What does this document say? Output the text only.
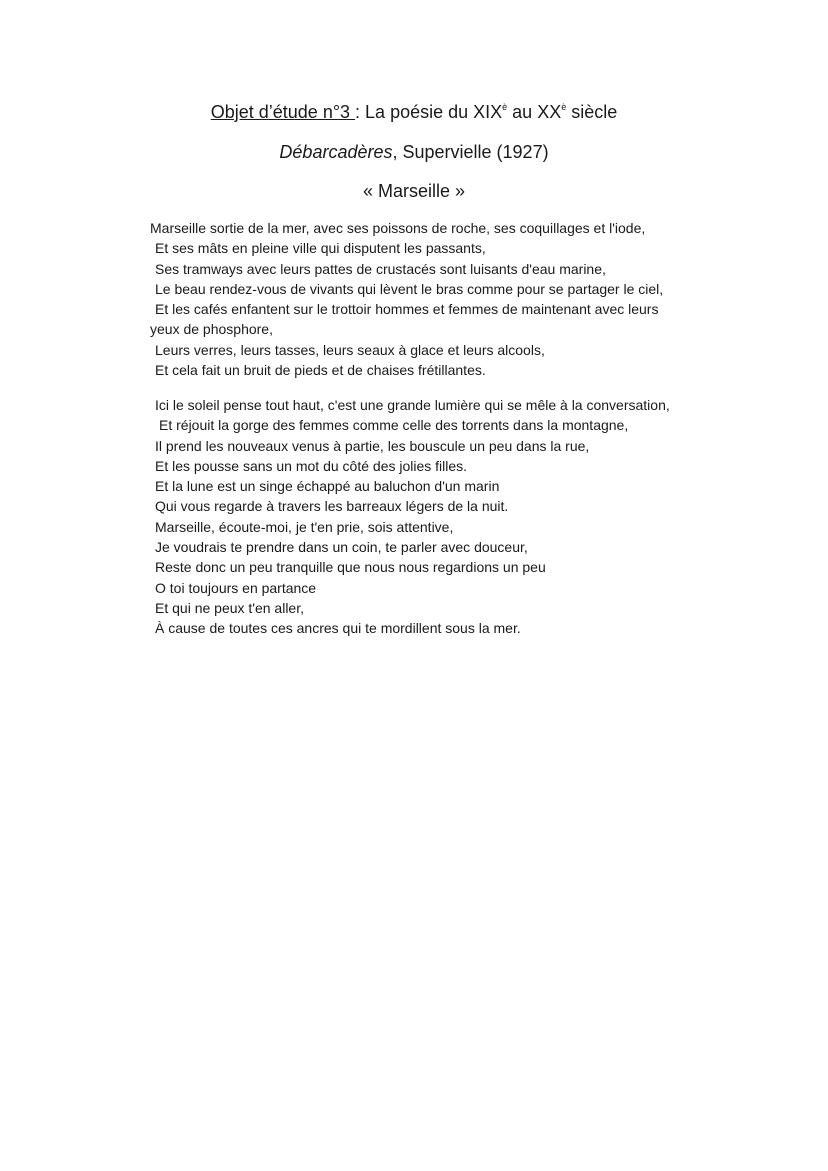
Objet d’étude n°3 : La poésie du $XIX^è$ au $XX^è$ siècle
Débarcadères, Supervielle (1927)
« Marseille »
Marseille sortie de la mer, avec ses poissons de roche, ses coquillages et l'iode,
Et ses mâts en pleine ville qui disputent les passants,
Ses tramways avec leurs pattes de crustacés sont luisants d'eau marine,
Le beau rendez-vous de vivants qui lèvent le bras comme pour se partager le ciel,
Et les cafés enfantent sur le trottoir hommes et femmes de maintenant avec leurs
yeux de phosphore,
Leurs verres, leurs tasses, leurs seaux à glace et leurs alcools,
Et cela fait un bruit de pieds et de chaises frétillantes.
Ici le soleil pense tout haut, c'est une grande lumière qui se mêle à la conversation,
Et réjouit la gorge des femmes comme celle des torrents dans la montagne,
Il prend les nouveaux venus à partie, les bouscule un peu dans la rue,
Et les pousse sans un mot du côté des jolies filles.
Et la lune est un singe échappé au baluchon d'un marin
Qui vous regarde à travers les barreaux légers de la nuit.
Marseille, écoute-moi, je t'en prie, sois attentive,
Je voudrais te prendre dans un coin, te parler avec douceur,
Reste donc un peu tranquille que nous nous regardions un peu
O toi toujours en partance
Et qui ne peux t'en aller,
À cause de toutes ces ancres qui te mordillent sous la mer.
